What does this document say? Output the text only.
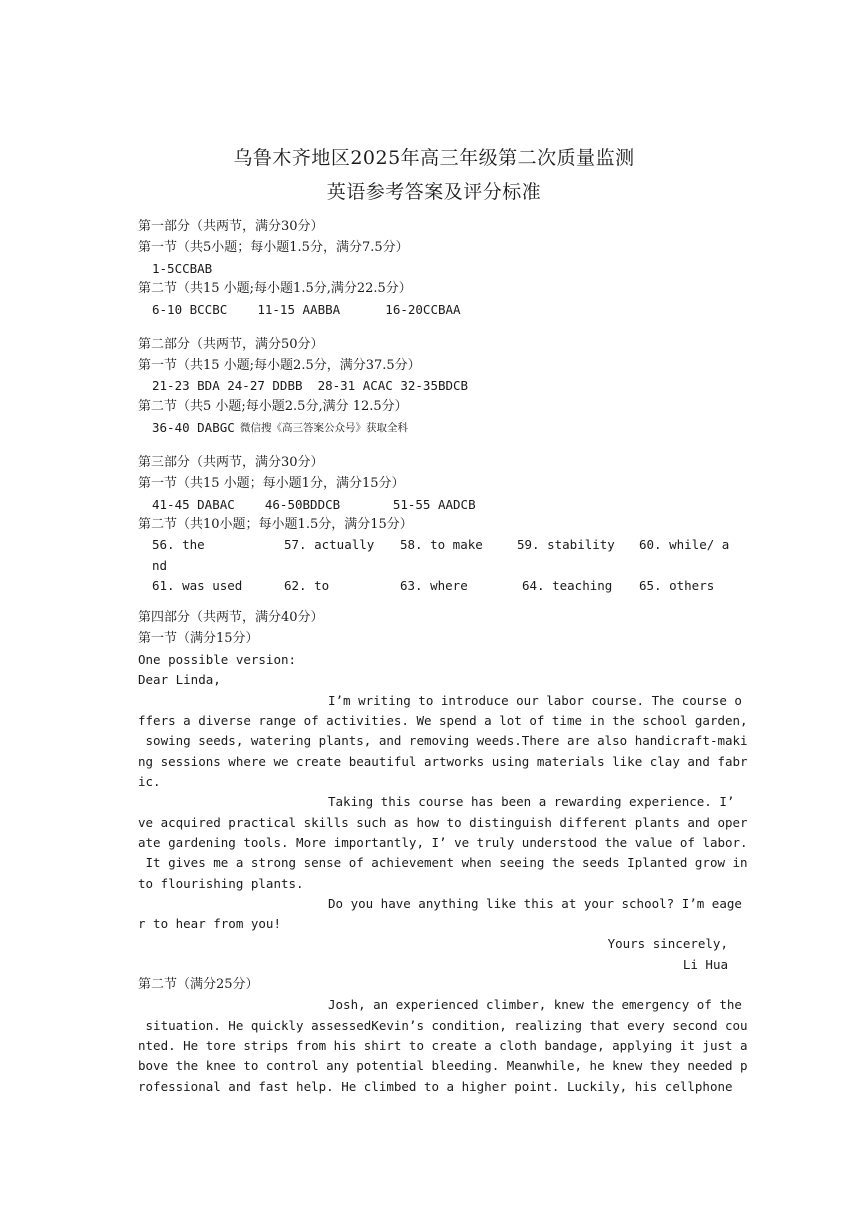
乌鲁木齐地区2025年高三年级第二次质量监测
英语参考答案及评分标准
第一部分（共两节，满分30分）
第一节（共5小题；每小题1.5分，满分7.5分）
1-5CCBAB
第二节（共15 小题;每小题1.5分,满分22.5分）
6-10 BCCBC    11-15 AABBA      16-20CCBAA
第二部分（共两节，满分50分）
第一节（共15 小题;每小题2.5分，满分37.5分）
21-23 BDA 24-27 DDBB  28-31 ACAC 32-35BDCB
第二节（共5 小题;每小题2.5分,满分 12.5分）
36-40 DABGC 微信搜《高三答案公众号》获取全科
第三部分（共两节，满分30分）
第一节（共15 小题；每小题1分，满分15分）
41-45 DABAC    46-50BDDCB       51-55 AADCB
第二节（共10小题；每小题1.5分，满分15分）
56. the	57. actually 58. to make	59. stability 60. while/ a
nd
61. was used	62. to	63. where	64. teaching 65. others
第四部分（共两节，满分40分）
第一节（满分15分）
One possible version:
Dear Linda,
I’m writing to introduce our labor course. The course o
ffers a diverse range of activities. We spend a lot of time in the school garden,
sowing seeds, watering plants, and removing weeds.There are also handicraft-maki
ng sessions where we create beautiful artworks using materials like clay and fabr
ic.
Taking this course has been a rewarding experience. I’
ve acquired practical skills such as how to distinguish different plants and oper
ate gardening tools. More importantly, I’ ve truly understood the value of labor.
It gives me a strong sense of achievement when seeing the seeds Iplanted grow in
to flourishing plants.
Do you have anything like this at your school? I’m eage
r to hear from you!
Yours sincerely,
Li Hua
第二节（满分25分）
Josh, an experienced climber, knew the emergency of the
situation. He quickly assessedKevin’s condition, realizing that every second cou
nted. He tore strips from his shirt to create a cloth bandage, applying it just a
bove the knee to control any potential bleeding. Meanwhile, he knew they needed p
rofessional and fast help. He climbed to a higher point. Luckily, his cellphone
